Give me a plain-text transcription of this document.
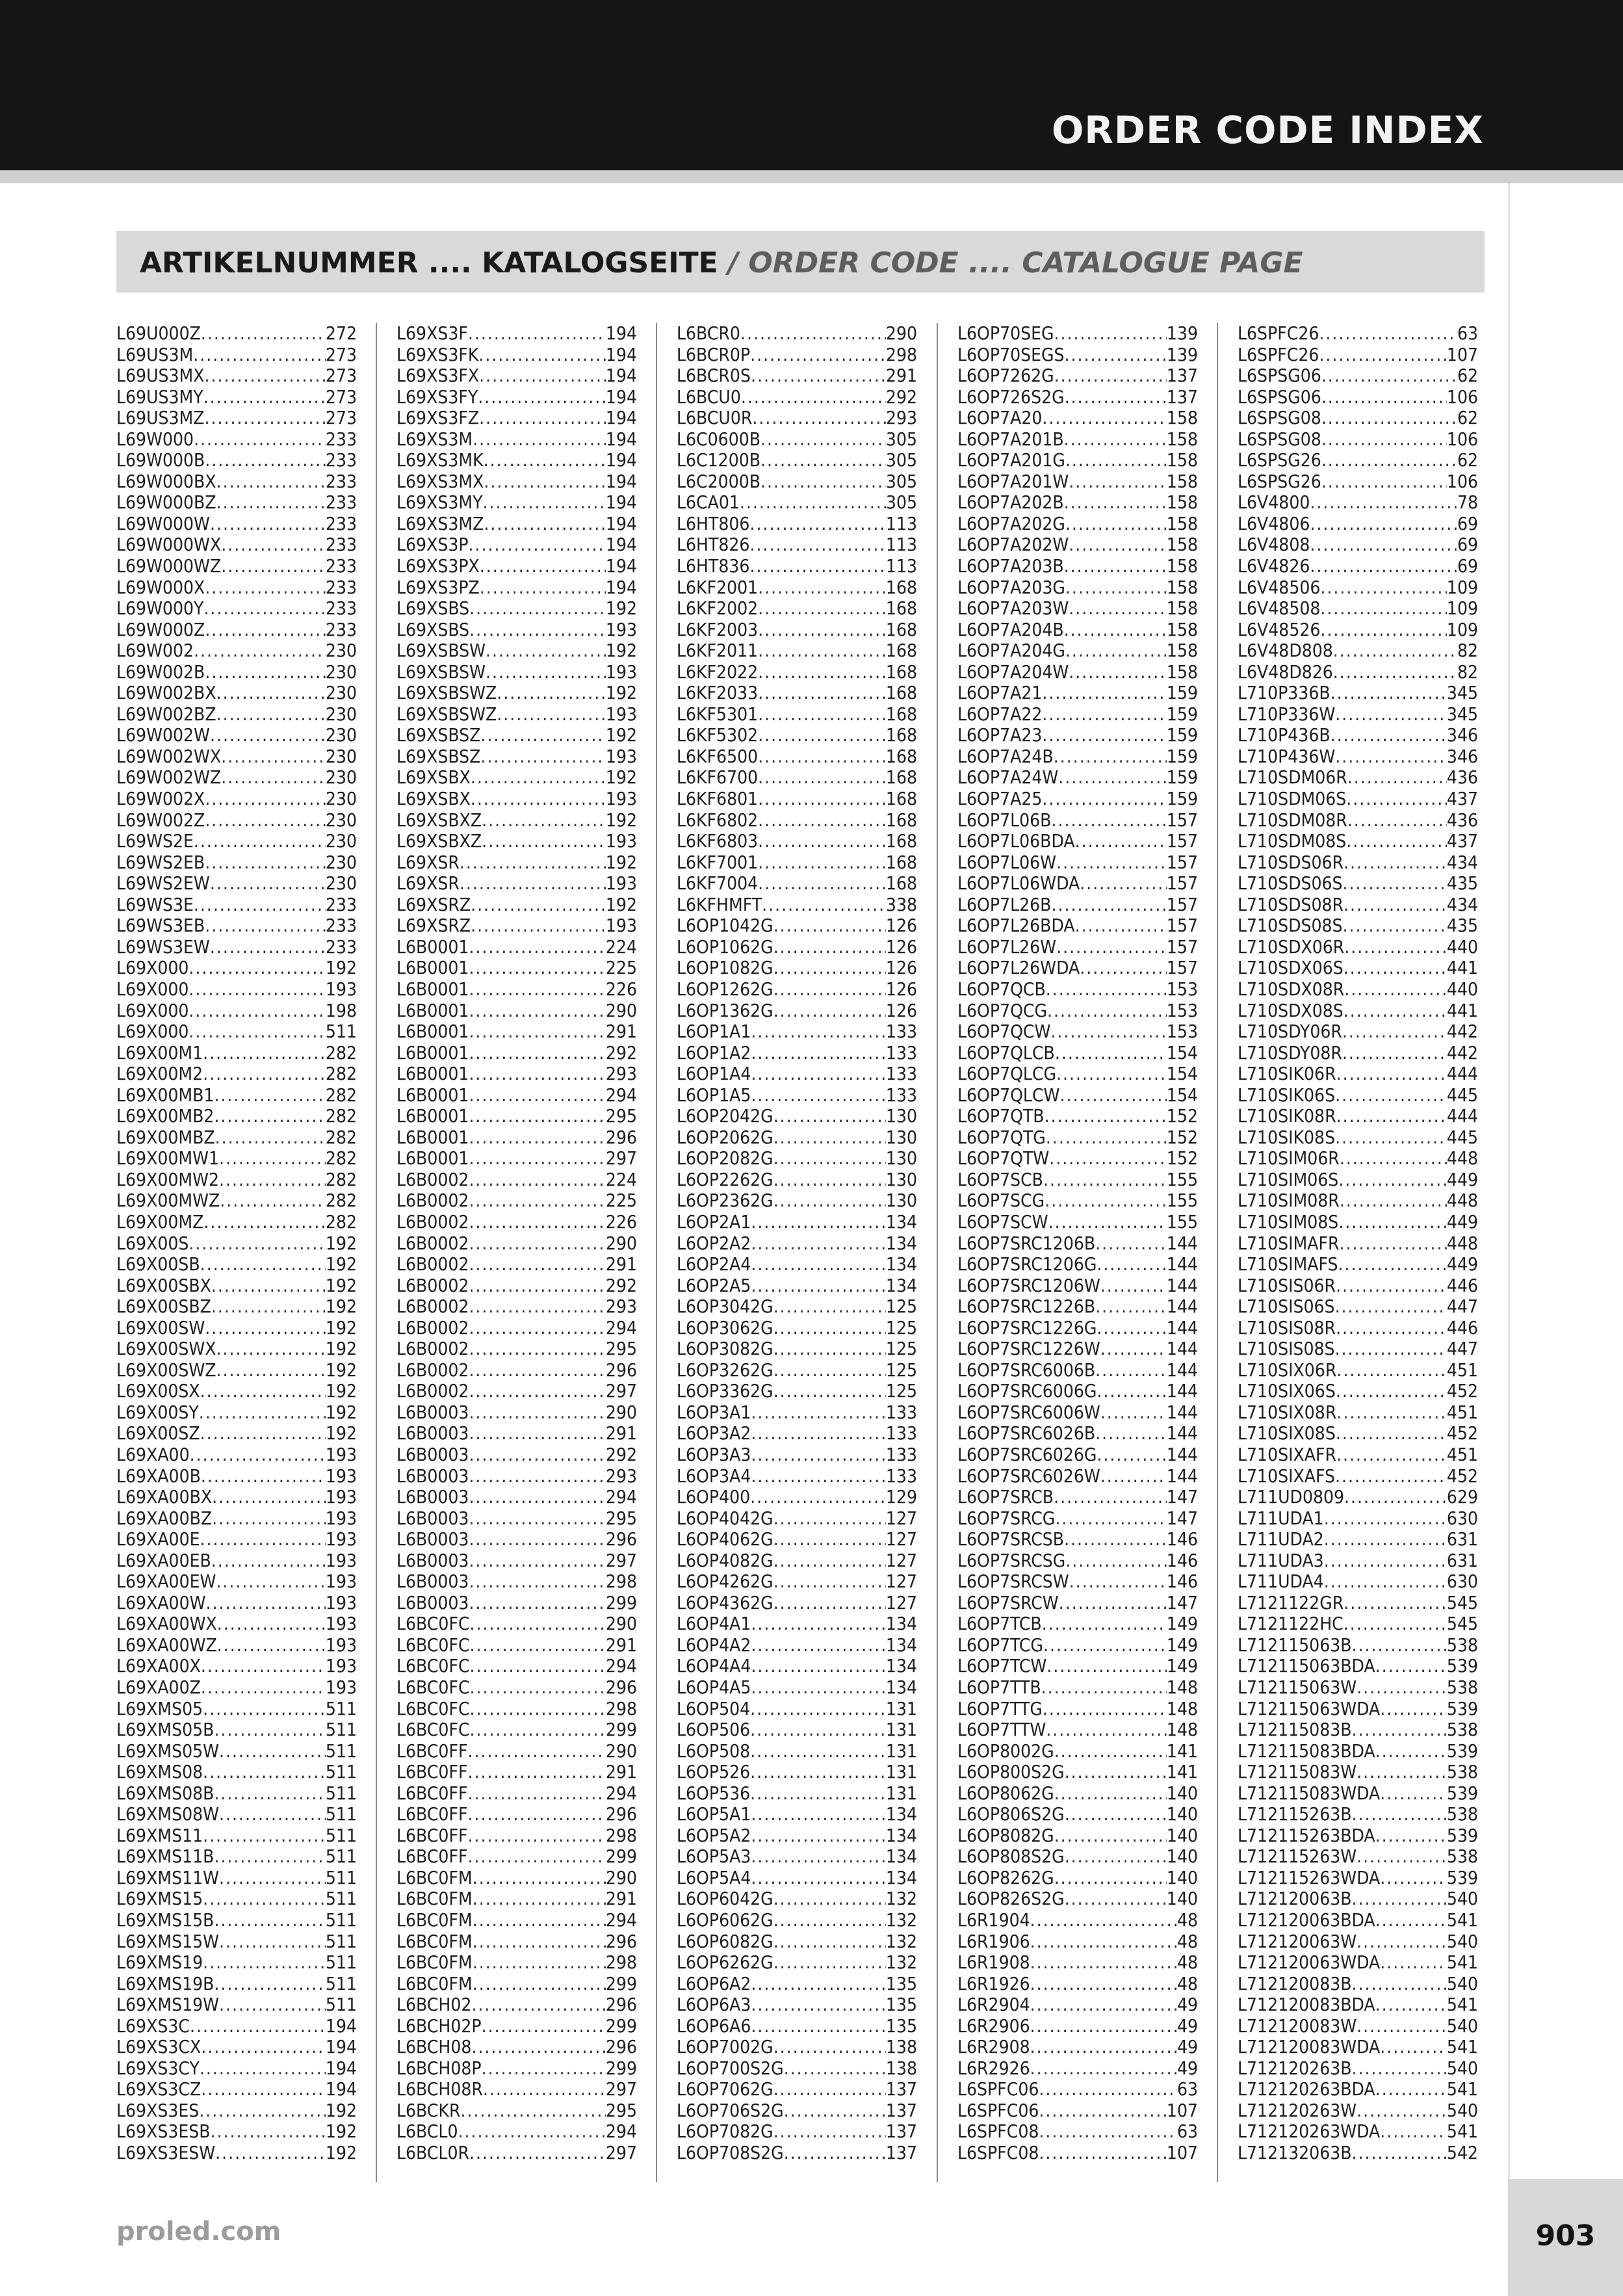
ORDER CODE INDEX
ARTIKELNUMMER .... KATALOGSEITE / ORDER CODE .... CATALOGUE PAGE
L69U000Z .....	272
L69US3M .....	273
L69US3MX .....	273
L69US3MY .....	273
L69US3MZ .....	273
L69W000 .....	233
L69W000B .....	233
L69W000BX .....	233
L69W000BZ .....	233
L69W000W .....	233
L69W000WX .....	233
L69W000WZ .....	233
L69W000X .....	233
L69W000Y .....	233
L69W000Z .....	233
L69W002 .....	230
L69W002B .....	230
L69W002BX .....	230
L69W002BZ .....	230
L69W002W .....	230
L69W002WX .....	230
L69W002WZ .....	230
L69W002X .....	230
L69W002Z .....	230
L69WS2E .....	230
L69WS2EB .....	230
L69WS2EW .....	230
L69WS3E .....	233
L69WS3EB .....	233
L69WS3EW .....	233
L69X000 .....	192
L69X000 .....	193
L69X000 .....	198
L69X000 .....	511
L69X00M1 .....	282
L69X00M2 .....	282
L69X00MB1 .....	282
L69X00MB2 .....	282
L69X00MBZ .....	282
L69X00MW1 .....	282
L69X00MW2 .....	282
L69X00MWZ .....	282
L69X00MZ .....	282
L69X00S .....	192
L69X00SB .....	192
L69X00SBX .....	192
L69X00SBZ .....	192
L69X00SW .....	192
L69X00SWX .....	192
L69X00SWZ .....	192
L69X00SX .....	192
L69X00SY .....	192
L69X00SZ .....	192
L69XA00 .....	193
L69XA00B .....	193
L69XA00BX .....	193
L69XA00BZ .....	193
L69XA00E .....	193
L69XA00EB .....	193
L69XA00EW .....	193
L69XA00W .....	193
L69XA00WX .....	193
L69XA00WZ .....	193
L69XA00X .....	193
L69XA00Z .....	193
L69XMS05 .....	511
L69XMS05B .....	511
L69XMS05W .....	511
L69XMS08 .....	511
L69XMS08B .....	511
L69XMS08W .....	511
L69XMS11 .....	511
L69XMS11B .....	511
L69XMS11W .....	511
L69XMS15 .....	511
L69XMS15B .....	511
L69XMS15W .....	511
L69XMS19 .....	511
L69XMS19B .....	511
L69XMS19W .....	511
L69XS3C .....	194
L69XS3CX .....	194
L69XS3CY .....	194
L69XS3CZ .....	194
L69XS3ES .....	192
L69XS3ESB .....	192
L69XS3ESW .....	192
L69XS3F .....	194
L69XS3FK .....	194
L69XS3FX .....	194
L69XS3FY .....	194
L69XS3FZ .....	194
L69XS3M .....	194
L69XS3MK .....	194
L69XS3MX .....	194
L69XS3MY .....	194
L69XS3MZ .....	194
L69XS3P .....	194
L69XS3PX .....	194
L69XS3PZ .....	194
L69XSBS .....	192
L69XSBS .....	193
L69XSBSW .....	192
L69XSBSW .....	193
L69XSBSWZ .....	192
L69XSBSWZ .....	193
L69XSBSZ .....	192
L69XSBSZ .....	193
L69XSBX .....	192
L69XSBX .....	193
L69XSBXZ .....	192
L69XSBXZ .....	193
L69XSR .....	192
L69XSR .....	193
L69XSRZ .....	192
L69XSRZ .....	193
L6B0001 .....	224
L6B0001 .....	225
L6B0001 .....	226
L6B0001 .....	290
L6B0001 .....	291
L6B0001 .....	292
L6B0001 .....	293
L6B0001 .....	294
L6B0001 .....	295
L6B0001 .....	296
L6B0001 .....	297
L6B0002 .....	224
L6B0002 .....	225
L6B0002 .....	226
L6B0002 .....	290
L6B0002 .....	291
L6B0002 .....	292
L6B0002 .....	293
L6B0002 .....	294
L6B0002 .....	295
L6B0002 .....	296
L6B0002 .....	297
L6B0003 .....	290
L6B0003 .....	291
L6B0003 .....	292
L6B0003 .....	293
L6B0003 .....	294
L6B0003 .....	295
L6B0003 .....	296
L6B0003 .....	297
L6B0003 .....	298
L6B0003 .....	299
L6BC0FC .....	290
L6BC0FC .....	291
L6BC0FC .....	294
L6BC0FC .....	296
L6BC0FC .....	298
L6BC0FC .....	299
L6BC0FF .....	290
L6BC0FF .....	291
L6BC0FF .....	294
L6BC0FF .....	296
L6BC0FF .....	298
L6BC0FF .....	299
L6BC0FM .....	290
L6BC0FM .....	291
L6BC0FM .....	294
L6BC0FM .....	296
L6BC0FM .....	298
L6BC0FM .....	299
L6BCH02 .....	296
L6BCH02P .....	299
L6BCH08 .....	296
L6BCH08P .....	299
L6BCH08R .....	297
L6BCKR .....	295
L6BCL0 .....	294
L6BCL0R .....	297
L6BCR0 .....	290
L6BCR0P .....	298
L6BCR0S .....	291
L6BCU0 .....	292
L6BCU0R .....	293
L6C0600B .....	305
L6C1200B .....	305
L6C2000B .....	305
L6CA01 .....	305
L6HT806 .....	113
L6HT826 .....	113
L6HT836 .....	113
L6KF2001 .....	168
L6KF2002 .....	168
L6KF2003 .....	168
L6KF2011 .....	168
L6KF2022 .....	168
L6KF2033 .....	168
L6KF5301 .....	168
L6KF5302 .....	168
L6KF6500 .....	168
L6KF6700 .....	168
L6KF6801 .....	168
L6KF6802 .....	168
L6KF6803 .....	168
L6KF7001 .....	168
L6KF7004 .....	168
L6KFHMFT .....	338
L6OP1042G .....	126
L6OP1062G .....	126
L6OP1082G .....	126
L6OP1262G .....	126
L6OP1362G .....	126
L6OP1A1 .....	133
L6OP1A2 .....	133
L6OP1A4 .....	133
L6OP1A5 .....	133
L6OP2042G .....	130
L6OP2062G .....	130
L6OP2082G .....	130
L6OP2262G .....	130
L6OP2362G .....	130
L6OP2A1 .....	134
L6OP2A2 .....	134
L6OP2A4 .....	134
L6OP2A5 .....	134
L6OP3042G .....	125
L6OP3062G .....	125
L6OP3082G .....	125
L6OP3262G .....	125
L6OP3362G .....	125
L6OP3A1 .....	133
L6OP3A2 .....	133
L6OP3A3 .....	133
L6OP3A4 .....	133
L6OP400 .....	129
L6OP4042G .....	127
L6OP4062G .....	127
L6OP4082G .....	127
L6OP4262G .....	127
L6OP4362G .....	127
L6OP4A1 .....	134
L6OP4A2 .....	134
L6OP4A4 .....	134
L6OP4A5 .....	134
L6OP504 .....	131
L6OP506 .....	131
L6OP508 .....	131
L6OP526 .....	131
L6OP536 .....	131
L6OP5A1 .....	134
L6OP5A2 .....	134
L6OP5A3 .....	134
L6OP5A4 .....	134
L6OP6042G .....	132
L6OP6062G .....	132
L6OP6082G .....	132
L6OP6262G .....	132
L6OP6A2 .....	135
L6OP6A3 .....	135
L6OP6A6 .....	135
L6OP7002G .....	138
L6OP700S2G .....	138
L6OP7062G .....	137
L6OP706S2G .....	137
L6OP7082G .....	137
L6OP708S2G .....	137
L6OP70SEG .....	139
L6OP70SEGS .....	139
L6OP7262G .....	137
L6OP726S2G .....	137
L6OP7A20 .....	158
L6OP7A201B .....	158
L6OP7A201G .....	158
L6OP7A201W .....	158
L6OP7A202B .....	158
L6OP7A202G .....	158
L6OP7A202W .....	158
L6OP7A203B .....	158
L6OP7A203G .....	158
L6OP7A203W .....	158
L6OP7A204B .....	158
L6OP7A204G .....	158
L6OP7A204W .....	158
L6OP7A21 .....	159
L6OP7A22 .....	159
L6OP7A23 .....	159
L6OP7A24B .....	159
L6OP7A24W .....	159
L6OP7A25 .....	159
L6OP7L06B .....	157
L6OP7L06BDA .....	157
L6OP7L06W .....	157
L6OP7L06WDA .....	157
L6OP7L26B .....	157
L6OP7L26BDA .....	157
L6OP7L26W .....	157
L6OP7L26WDA .....	157
L6OP7QCB .....	153
L6OP7QCG .....	153
L6OP7QCW .....	153
L6OP7QLCB .....	154
L6OP7QLCG .....	154
L6OP7QLCW .....	154
L6OP7QTB .....	152
L6OP7QTG .....	152
L6OP7QTW .....	152
L6OP7SCB .....	155
L6OP7SCG .....	155
L6OP7SCW .....	155
L6OP7SRC1206B .....	144
L6OP7SRC1206G .....	144
L6OP7SRC1206W .....	144
L6OP7SRC1226B .....	144
L6OP7SRC1226G .....	144
L6OP7SRC1226W .....	144
L6OP7SRC6006B .....	144
L6OP7SRC6006G .....	144
L6OP7SRC6006W .....	144
L6OP7SRC6026B .....	144
L6OP7SRC6026G .....	144
L6OP7SRC6026W .....	144
L6OP7SRCB .....	147
L6OP7SRCG .....	147
L6OP7SRCSB .....	146
L6OP7SRCSG .....	146
L6OP7SRCSW .....	146
L6OP7SRCW .....	147
L6OP7TCB .....	149
L6OP7TCG .....	149
L6OP7TCW .....	149
L6OP7TTB .....	148
L6OP7TTG .....	148
L6OP7TTW .....	148
L6OP8002G .....	141
L6OP800S2G .....	141
L6OP8062G .....	140
L6OP806S2G .....	140
L6OP8082G .....	140
L6OP808S2G .....	140
L6OP8262G .....	140
L6OP826S2G .....	140
L6R1904 .....	48
L6R1906 .....	48
L6R1908 .....	48
L6R1926 .....	48
L6R2904 .....	49
L6R2906 .....	49
L6R2908 .....	49
L6R2926 .....	49
L6SPFC06 .....	63
L6SPFC06 .....	107
L6SPFC08 .....	63
L6SPFC08 .....	107
L6SPFC26 .....	63
L6SPFC26 .....	107
L6SPSG06 .....	62
L6SPSG06 .....	106
L6SPSG08 .....	62
L6SPSG08 .....	106
L6SPSG26 .....	62
L6SPSG26 .....	106
L6V4800 .....	78
L6V4806 .....	69
L6V4808 .....	69
L6V4826 .....	69
L6V48506 .....	109
L6V48508 .....	109
L6V48526 .....	109
L6V48D808 .....	82
L6V48D826 .....	82
L710P336B .....	345
L710P336W .....	345
L710P436B .....	346
L710P436W .....	346
L710SDM06R .....	436
L710SDM06S .....	437
L710SDM08R .....	436
L710SDM08S .....	437
L710SDS06R .....	434
L710SDS06S .....	435
L710SDS08R .....	434
L710SDS08S .....	435
L710SDX06R .....	440
L710SDX06S .....	441
L710SDX08R .....	440
L710SDX08S .....	441
L710SDY06R .....	442
L710SDY08R .....	442
L710SIK06R .....	444
L710SIK06S .....	445
L710SIK08R .....	444
L710SIK08S .....	445
L710SIM06R .....	448
L710SIM06S .....	449
L710SIM08R .....	448
L710SIM08S .....	449
L710SIMAFR .....	448
L710SIMAFS .....	449
L710SIS06R .....	446
L710SIS06S .....	447
L710SIS08R .....	446
L710SIS08S .....	447
L710SIX06R .....	451
L710SIX06S .....	452
L710SIX08R .....	451
L710SIX08S .....	452
L710SIXAFR .....	451
L710SIXAFS .....	452
L711UD0809 .....	629
L711UDA1 .....	630
L711UDA2 .....	631
L711UDA3 .....	631
L711UDA4 .....	630
L7121122GR .....	545
L7121122HC .....	545
L712115063B .....	538
L712115063BDA .....	539
L712115063W .....	538
L712115063WDA .....	539
L712115083B .....	538
L712115083BDA .....	539
L712115083W .....	538
L712115083WDA .....	539
L712115263B .....	538
L712115263BDA .....	539
L712115263W .....	538
L712115263WDA .....	539
L712120063B .....	540
L712120063BDA .....	541
L712120063W .....	540
L712120063WDA .....	541
L712120083B .....	540
L712120083BDA .....	541
L712120083W .....	540
L712120083WDA .....	541
L712120263B .....	540
L712120263BDA .....	541
L712120263W .....	540
L712120263WDA .....	541
L712132063B .....	542
proled.com	903
